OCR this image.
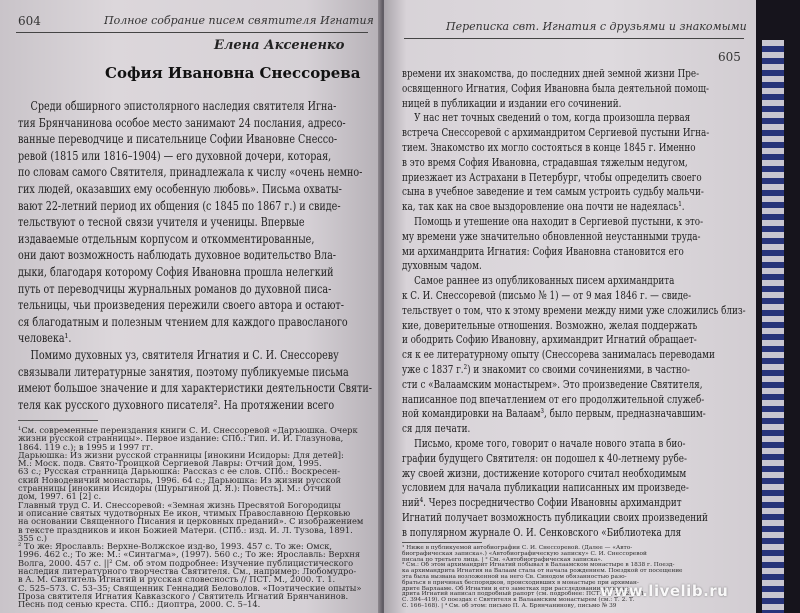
604	Полное собрание писем святителя Игнатия
Елена Аксененко
София Ивановна Снессорева
Среди обширного эпистолярного наследия святителя Игна-
тия Брянчанинова особое место занимают 24 послания, адресо-
ванные переводчице и писательнице Софии Ивановне Снессо-
ревой (1815 или 1816–1904) — его духовной дочери, которая,
по словам самого Святителя, принадлежала к числу «очень немно-
гих людей, оказавших ему особенную любовь». Письма охваты-
вают 22-летний период их общения (с 1845 по 1867 г.) и свиде-
тельствуют о тесной связи учителя и ученицы. Впервые
издаваемые отдельным корпусом и откомментированные,
они дают возможность наблюдать духовное водительство Вла-
дыки, благодаря которому София Ивановна прошла нелегкий
путь от переводчицы журнальных романов до духовной писа-
тельницы, чьи произведения пережили своего автора и остают-
ся благодатным и полезным чтением для каждого правосланого
человека¹.
Помимо духовных уз, святителя Игнатия и С. И. Снессореву
связывали литературные занятия, поэтому публикуемые письма
имеют большое значение и для характеристики деятельности Святи-
теля как русского духовного писателя². На протяжении всего
¹См. современные переиздания книги С. И. Снессоревой «Даръюшка. Очерк
жизни русской странницы». Первое издание: СПб.: Тип. И. И. Глазунова,
1864. 119 с.); в 1995 и 1997 гг.
Дарьюшка: Из жизни русской странницы [инокини Исидоры: Для детей]:
М.: Моск. подв. Свято-Троицкой Сергиевой Лавры: Отчий дом, 1995.
63 с.; Русская странница Дарьюшка: Рассказ с ее слов. СПб.: Воскресен-
ский Новодевичий монастырь, 1996. 64 с.; Дарьюшка: Из жизни русской
странницы [инокини Исидоры (Шурыгиной Д. Я.): Повесть]. М.: Отчий
дом, 1997. 61 [2] с.
Главный труд С. И. Снессоревой: «Земная жизнь Пресвятой Богородицы
и описание святых чудотворных Ее икон, чтимых Православною Церковью
на основании Священного Писания и церковных преданий». С изображением
в тексте праздников и икон Божией Матери. (СПб.: изд. И. Л. Тузова, 1891.
355 с.)
² То же: Ярославль: Верхне-Волжское изд-во, 1993. 457 с. То же: Омск,
1996. 462 с.; То же: М.: «Синтагма», (1997). 560 с.; То же: Ярославль: Верхня
Волга, 2000. 457 с. ||² См. об этом подробнее: Изучение публицистического
наследия литературного творчества Святителя. См., например: Любомудро-
в А. М. Святитель Игнатий и русская словесность // ПСТ. М., 2000. Т. 1.
С. 525–573. С. 53–35; Священник Геннадий Беловолов. «Поэтические опыты»
Проза святителя Игнатия Кавказского / Святитель Игнатий Брянчанинов.
Песнь под сенью креста. СПб.: Диоптра, 2000. С. 5–14.
Переписка свт. Игнатия с друзьями и знакомыми
605
времени их знакомства, до последних дней земной жизни Пре-
освященного Игнатия, София Ивановна была деятельной помощ-
ницей в публикации и издании его сочинений.
У нас нет точных сведений о том, когда произошла первая
встреча Снессоревой с архимандритом Сергиевой пустыни Игна-
тием. Знакомство их могло состояться в конце 1845 г. Именно
в это время София Ивановна, страдавшая тяжелым недугом,
приезжает из Астрахани в Петербург, чтобы определить своего
сына в учебное заведение и тем самым устроить судьбу мальчи-
ка, так как на свое выздоровление она почти не надеялась¹.
Помощь и утешение она находит в Сергиевой пустыни, к это-
му времени уже значительно обновленной неустанными труда-
ми архимандрита Игнатия: София Ивановна становится его
духовным чадом.
Самое раннее из опубликованных писем архимандрита
к С. И. Снессоревой (письмо № 1) — от 9 мая 1846 г. — свиде-
тельствует о том, что к этому времени между ними уже сложились близ-
кие, доверительные отношения. Возможно, желая поддержать
и ободрить Софию Ивановну, архимандрит Игнатий обращает-
ся к ее литературному опыту (Снессорева занималась переводами
уже с 1837 г.²) и знакомит со своими сочинениями, в частно-
сти с «Валаамским монастырем». Это произведение Святителя,
написанное под впечатлением от его продолжительной служеб-
ной командировки на Валаам³, было первым, предназначавшим-
ся для печати.
Письмо, кроме того, говорит о начале нового этапа в био-
графии будущего Святителя: он подошел к 40-летнему рубе-
жу своей жизни, достижение которого считал необходимым
условием для начала публикации написанных им произведе-
ний⁴. Через посредничество Софии Ивановны архимандрит
Игнатий получает возможность публикации своих произведений
в популярном журнале О. И. Сенковского «Библиотека для
¹ Ниже в публикуемой автобиографии С. И. Снессоревой. (Далее — «Авто-
биографическая записка».) «Автобиографическую записку» С. И. Снессоревой
писала по третьего лица. | ² См. «Автобиографическая записка».
³ См.: Об этом архимандрит Игнатий побывал в Валаамском монастыре в 1838 г. Поезд-
ка архимандрита Игнатия на Валаам стала от начала рождением. Поездкой от посещение
эта была вызвана возложенной на него Св. Синодом обязанностью разо-
браться в причинах беспорядков, происходивших в монастыре при архиман-
дрите Варлааме. Об Игнатии и его заметках при расследовании архиман-
дрита Игнатий написал подробный рапорт (см. подробнее: ПСТ. М., 2002. Т. 1.
С. 394–419). О поездах с Святителя к Валаамским монастырем (см.: Т. 2. Т.
С. 166–168). | ⁴ См. об этом: письмо П. А. Брянчанинову, письмо № 39
www.livelib.ru
